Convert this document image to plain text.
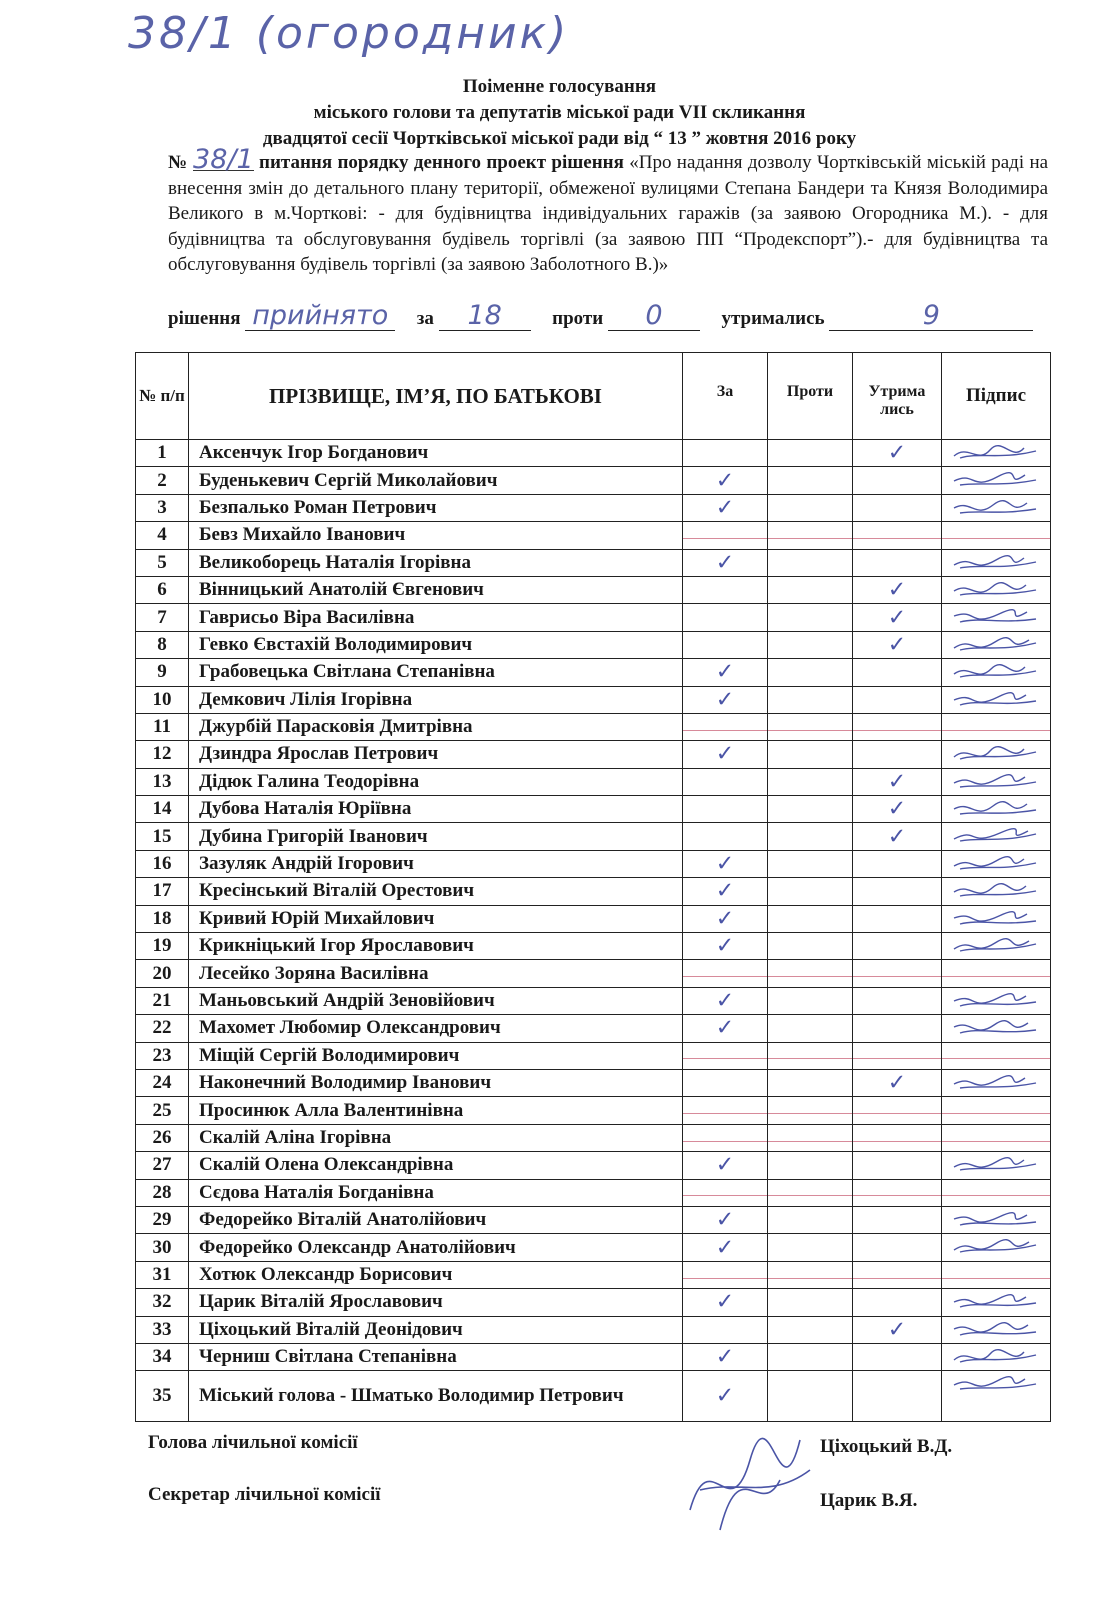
38/1 (огородник)
Поіменне голосування
міського голови та депутатів міської ради VII скликання
двадцятої сесії Чортківської міської ради від “ 13 ” жовтня 2016 року
№ 38/1 питання порядку денного проект рішення «Про надання дозволу Чортківській міській раді на внесення змін до детального плану території, обмеженої вулицями Степана Бандери та Князя Володимира Великого в м.Чорткові: - для будівництва індивідуальних гаражів (за заявою Огородника М.). - для будівництва та обслуговування будівель торгівлі (за заявою ПП “Продекспорт”).- для будівництва та обслуговування будівель торгівлі (за заявою Заболотного В.)»
рішення прийнято за 18	проти 0	утримались	9
№ п/п	ПРІЗВИЩЕ, ІМ’Я, ПО БАТЬКОВІ	За	Проти	Утрима лись	Підпис
1	Аксенчук Ігор Богданович			✓

2	Буденькевич Сергій Миколайович	✓

3	Безпалько Роман Петрович	✓

4	Бевз Михайло Іванович	

5	Великоборець Наталія Ігорівна	✓

6	Вінницький Анатолій Євгенович			✓

7	Гаврисьо Віра Василівна			✓

8	Гевко Євстахій Володимирович			✓

9	Грабовецька Світлана Степанівна	✓

10	Демкович Лілія Ігорівна	✓

11	Джурбій Парасковія Дмитрівна	

12	Дзиндра Ярослав Петрович	✓

13	Дідюк Галина Теодорівна			✓

14	Дубова Наталія Юріївна			✓

15	Дубина Григорій Іванович			✓

16	Зазуляк Андрій Ігорович	✓

17	Кресінський Віталій Орестович	✓

18	Кривий Юрій Михайлович	✓

19	Крикніцький Ігор Ярославович	✓

20	Лесейко Зоряна Василівна	

21	Маньовський Андрій Зеновійович	✓

22	Махомет Любомир Олександрович	✓

23	Міщій Сергій Володимирович	

24	Наконечний Володимир Іванович			✓

25	Просинюк Алла Валентинівна	

26	Скалій Аліна Ігорівна	

27	Скалій Олена Олександрівна	✓

28	Сєдова Наталія Богданівна	

29	Федорейко Віталій Анатолійович	✓

30	Федорейко Олександр Анатолійович	✓

31	Хотюк Олександр Борисович	

32	Царик Віталій Ярославович	✓

33	Ціхоцький Віталій Деонідович			✓

34	Черниш Світлана Степанівна	✓

35	Міський голова - Шматько Володимир Петрович	✓

Голова лічильної комісії
Секретар лічильної комісії
Ціхоцький В.Д.
Царик В.Я.
